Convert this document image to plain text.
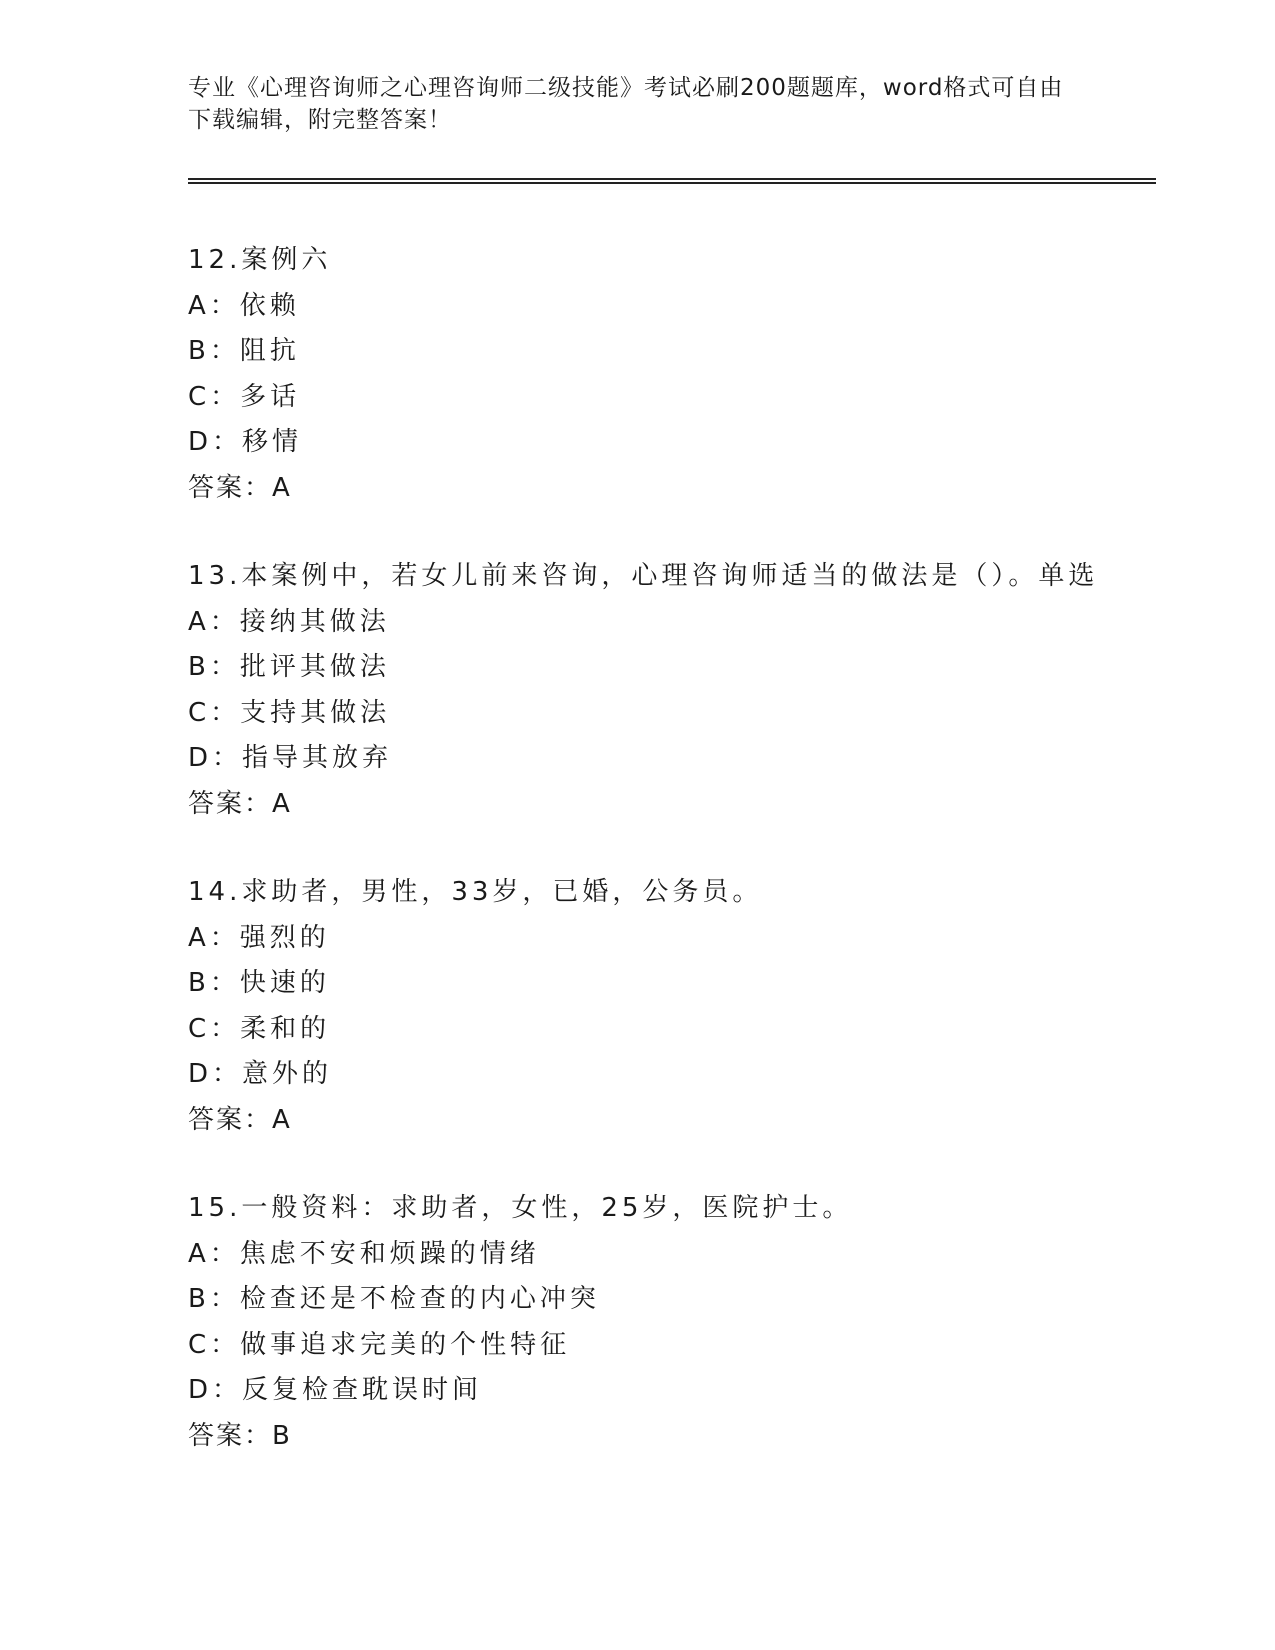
专业《心理咨询师之心理咨询师二级技能》考试必刷200题题库，word格式可自由下载编辑，附完整答案！
12.案例六
A：依赖
B：阻抗
C：多话
D：移情
答案：A
13.本案例中，若女儿前来咨询，心理咨询师适当的做法是（）。单选
A：接纳其做法
B：批评其做法
C：支持其做法
D：指导其放弃
答案：A
14.求助者，男性，33岁，已婚，公务员。
A：强烈的
B：快速的
C：柔和的
D：意外的
答案：A
15.一般资料：求助者，女性，25岁，医院护士。
A：焦虑不安和烦躁的情绪
B：检查还是不检查的内心冲突
C：做事追求完美的个性特征
D：反复检查耽误时间
答案：B
